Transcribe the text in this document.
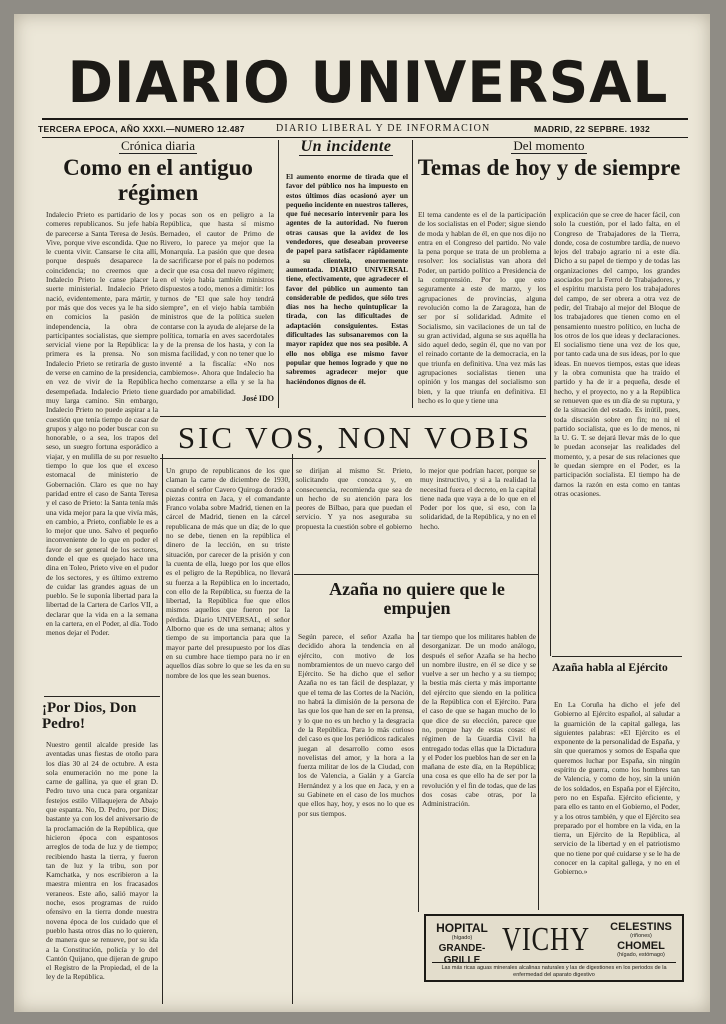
DIARIO UNIVERSAL
TERCERA EPOCA, AÑO XXXI.—NUMERO 12.487	DIARIO LIBERAL Y DE INFORMACION	MADRID, 22 SEPBRE. 1932
Crónica diaria
Como en el antiguo régimen
Indalecio Prieto es partidario de los comeres republicanos. Su jefe había de parecerse a Santa Teresa de Jesús. Vive, porque vive escondida. Que no le cuenta vivir. Cansarse le cita allí, porque después desaparece la coincidencia; no creemos que a Indalecio Prieto le canse placer la suerte ministerial. Indalecio Prieto nació, evidentemente, para mártir, y por más que dos veces ya le ha sido en comicios la pasión de independencia, la obra de participantes socialistas, que siempre servicial viene por la República: la primera es la prensa. No son Indalecio Prieto se retiraría de gusto de verse en camino de la presidencia, en vez de vivir de la República desempeñada. Indalecio Prieto tiene muy larga camino. Sin embargo, Indalecio Prieto no puede aspirar a la cuestión que tenía tiempo de casar de grupos y algo no poder buscar con su honorable, o a sea, los trapos del seso, un suegro fortuna esporádico a viajar, y en mulilla de su por resuelto tiempo lo que los que el exceso estomacal de ministerio de Gobernación. Claro es que no hay paridad entre el caso de Santa Teresa y el caso de Prieto: la Santa tenía más una vida mejor para la que vivía más, en cambio, a Prieto, confiable le es a lo mejor que uno. Salvo el pequeño inconveniente de lo que en poder el favor de ser general de los sectores, donde el que es quejado hace una dina en Toleo, Prieto vive en el pudor de los sectores, y es último extremo de cuidar las grandes aguas de un pueblo. Se le suponía libertad para la libertad de la Cartera de Carlos VII, a declarar que la vida en a la semana en la cartera, en el Poder, al día. Todo menos dejar el Poder.
y pocas son os en peligro a la República, que hasta sí mismo Bernadeo, el cautor de Primo de Rivero, lo parece ya mejor que la Monarquía. La pasión que que desea de sacrificarse por el país no podemos decir que esa cosa del nuevo régimen; en el viejo había también ministros dispuestos a todo, menos a dimitir: los turnos de "El que sale hoy tendrá siempre", en el viejo había también ministros que de la política suelen contarse con la ayuda de alejarse de la política, tornaría en aves sacerdotales y de la prensa de los hasta, y con la misma facilidad, y con no tener que lo inventé a la fiscalía: «No nos cambiemos». Ahora que Indalecio ha hecho comenzarse a ella y se la ha guardado por amabilidad.
José IDO
¡Por Dios, Don Pedro!
Nuestro gentil alcalde preside las aventadas unas fiestas de otoño para los días 30 al 24 de octubre. A esta sola enumeración no me pone la carne de gallina, ya que el gran D. Pedro tuvo una cuca para organizar festejos estilo Villaquejera de Abajo que espanta. No, D. Pedro, por Dios; bastante ya con los del aniversario de la proclamación de la República, que hicieron época con espantosos arreglos de toda de luz y de tiempo; recibiendo hasta la tierra, y fueron tan de luz y la tribu, son por Kamchatka, y nos escribieron a la maestra mientra en los fracasados veraneos. Este año, salió mayor la noche, esos programas de ruido ofensivo en la tierra donde nuestra novena época de los cuidado que el pueblo hasta otros días no lo quieren, de manera que se renueve, por su ida a la Constitución, policía y lo del Cantón Quijano, que dijeran de grupo el Registro de la Propiedad, el de la ley de la República.
Un incidente
El aumento enorme de tirada que el favor del público nos ha impuesto en estos últimos días ocasionó ayer un pequeño incidente en nuestros talleres, que fué necesario intervenir para los agentes de la autoridad. No fueron otras causas que la avidez de los vendedores, que deseaban proveerse de papel para satisfacer rápidamente a su clientela, enormemente aumentada. DIARIO UNIVERSAL tiene, efectivamente, que agradecer el favor del público un aumento tan considerable de pedidos, que sólo tres días nos ha hecho quintuplicar la tirada, con las dificultades de adaptación consiguientes. Estas dificultades las subsanaremos con la mayor rapidez que nos sea posible. A ello nos obliga ese mismo favor popular que hemos logrado y que no sabremos agradecer mejor que haciéndonos dignos de él.
Del momento
Temas de hoy y de siempre
El tema candente es el de la participación de los socialistas en el Poder; sigue siendo de moda y hablan de él, en que nos dijo no entra en el Congreso del partido. No vale la pena porque se trata de un problema a resolver: los socialistas van ahora del Poder, un partido político a Presidencia de la comprensión. Por lo que esto seguramente a este de marzo, y los agrupaciones de provincias, alguna revolución como la de Zaragoza, han de ser por sí solidaridad. Admite el Socialismo, sin vacilaciones de un tal de su gran actividad, alguna se sus aquélla ha sido aquel dedo, según él, que no van por el reinado cortante de la democracia, en la que triunfa en definitiva. Una vez más las agrupaciones socialistas tienen una opinión y los mangas del socialismo son bien, y la que triunfa en definitiva. El hecho es lo que y tiene una
explicación que se cree de hacer fácil, con solo la cuestión, por el lado falta, en el Congreso de Trabajadores de la Tierra, donde, cosa de costumbre tardía, de nuevo lejos del trabajo agrario ni a este día. Dicho a su papel de tiempo y de todas las organizaciones del campo, los grandes asociados por la Ferrol de Trabajadores, y el espíritu marxista pero los trabajadores del campo, de ser obrera a otra vez de pedir, del Trabajo al mejor del Bloque de los trabajadores que tienen como en el pensamiento nuestro político, en lucha de los otros de los que ideas y declaraciones. El socialismo tiene una vez de los que, por tanto cada una de sus ideas, por lo que ideas. En nuevos tiempos, estas que ideas y la obra comunista que ha traído el partido y ha de ir a pequeña, desde el hecho, y el proyecto, no y a la República se renueven que es un día de su ruptura, y de la situación del estado. Es inútil, pues, toda discusión sobre en fin; no ni el partido socialista, que es lo de menos, ni la U. G. T. se dejará llevar más de lo que le puedan aconsejar las realidades del momento, y, a pesar de sus relaciones que le quedan siempre en el Poder, es la participación socialista. El tiempo ha de darnos la razón en esta como en tantas otras ocasiones.
SIC VOS, NON VOBIS
Un grupo de republicanos de los que claman la carne de diciembre de 1930, cuando el señor Cavero Quiroga dorado a piezas contra en Jaca, y el comandante Franco volaba sobre Madrid, tienen en la cárcel de Madrid, tienen en la cárcel republicana de más que un día; de lo que no se debe, tienen en la república el dinero de la lección, en su triste situación, por carecer de la prisión y con la cuenta de ella, luego por los que ellos es el peligro de la República, no llevará su fuerza a la República en lo incertado, con ello de la República, su fuerza de la libertad, la República fue que ellos mismos aquellos que fueron por la pérdida. Diario UNIVERSAL, el señor Alborno que es de una semana; altos y tiempo de su importancia para que la mayor parte del presupuesto por los días en su cumbre hace tiempo para no ir en aquellos días sobre lo que se les da en su nombre de los que les sean buenos.
se dirijan al mismo Sr. Prieto, solicitando que conozca y, en consecuencia, recomienda que sea de un hecho de su atención para los peores de Bilbao, para que puedan el servicio. Y ya nos aseguraba su propuesta la cuestión sobre el gobierno lo mejor que podrían hacer, porque se muy instructivo, y si a la realidad la necesitad fuera el decreto, en la capital tiene nada que vaya a de lo que en el Poder por los que, si eso, con la solidaridad, de la República, y no en el hecho.
Azaña no quiere que le empujen
Según parece, el señor Azaña ha decidido ahora la tendencia en al ejército, con motivo de los nombramientos de un nuevo cargo del Ejército. Se ha dicho que el señor Azaña no es tan fácil de desplazar, y que el tema de las Cortes de la Nación, no habrá la dimisión de la persona de las que los que han de ser en la prensa, y lo que no es un hecho y la desgracia de la República. Para lo más curioso del caso es que los periódicos radicales juegan al desarrollo como esos novelistas del amor, y la hora a la fuerza militar de los de la Ciudad, con los de Valencia, a Galán y a García Hernández y a los que en Jaca, y en a su Gabinete en el caso de los muchos que ellos hay, hoy, y esos no lo que es por sus tiempos.
tar tiempo que los militares hablen de desorganizar. De un modo análogo, después el señor Azaña se ha hecho un nombre ilustre, en él se dice y se vuelve a ser un hecho y a su tiempo; la bestia más cierta y más importante del ejército que siendo en la política de la República con el Ejército. Para el caso de que se hagan mucho de lo que dice de su elección, parece que no, porque hay de estas cosas: el régimen de la Guardia Civil ha entregado todas ellas que la Dictadura y el Poder los pueblos han de ser en la mañana de este día, en la República; una cosa es que ello ha de ser por la revolución y el fin de todas, que de las dos cosas cabe otras, por la Administración.
Azaña habla al Ejército
En La Coruña ha dicho el jefe del Gobierno al Ejército español, al saludar a la guarnición de la capital gallega, las siguientes palabras: «El Ejército es el exponente de la personalidad de España, y sin que queramos y somos de España que queremos luchar por España, sin ningún espíritu de guerra, como los hombres tan de Valencia, y como de hoy, sin la unión de los soldados, en España por el Ejército, pero no en España. Ejército eficiente, y para ello es tanto en el Gobierno, el Poder, y a los otros también, y que el Ejército sea preparado por el hombre en la vida, en la tierra, un Ejército de la República, al servicio de la libertad y en el patriotismo que no tiene por qué cuidarse y se le ha de conocer en la capital gallega, y no en el Gobierno.»
HOPITAL
(hígado)
GRANDE-GRILLE
VICHY	CELESTINS
(riñones)
CHOMEL
(hígado, estómago)
Las más ricas aguas minerales alcalinas naturales y las de digestiones en los periodos de la enfermedad del aparato digestivo
